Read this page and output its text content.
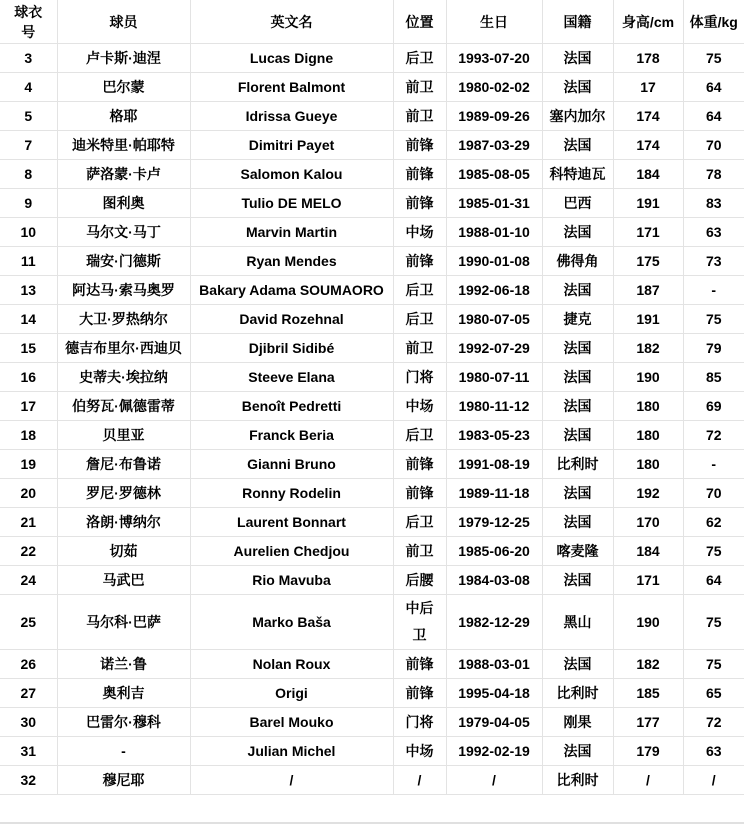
球衣号	球员	英文名	位置	生日	国籍	身高/cm	体重/kg
3	卢卡斯·迪涅	Lucas Digne	后卫	1993-07-20	法国	178	75
4	巴尔蒙	Florent Balmont	前卫	1980-02-02	法国	17	64
5	格耶	Idrissa Gueye	前卫	1989-09-26	塞内加尔	174	64
7	迪米特里·帕耶特	Dimitri Payet	前锋	1987-03-29	法国	174	70
8	萨洛蒙·卡卢	Salomon Kalou	前锋	1985-08-05	科特迪瓦	184	78
9	图利奥	Tulio DE MELO	前锋	1985-01-31	巴西	191	83
10	马尔文·马丁	Marvin Martin	中场	1988-01-10	法国	171	63
11	瑞安·门德斯	Ryan Mendes	前锋	1990-01-08	佛得角	175	73
13	阿达马·索马奥罗	Bakary Adama SOUMAORO	后卫	1992-06-18	法国	187	-
14	大卫·罗热纳尔	David Rozehnal	后卫	1980-07-05	捷克	191	75
15	德吉布里尔·西迪贝	Djibril Sidibé	前卫	1992-07-29	法国	182	79
16	史蒂夫·埃拉纳	Steeve Elana	门将	1980-07-11	法国	190	85
17	伯努瓦·佩德雷蒂	Benoît Pedretti	中场	1980-11-12	法国	180	69
18	贝里亚	Franck Beria	后卫	1983-05-23	法国	180	72
19	詹尼·布鲁诺	Gianni Bruno	前锋	1991-08-19	比利时	180	-
20	罗尼·罗德林	Ronny Rodelin	前锋	1989-11-18	法国	192	70
21	洛朗·博纳尔	Laurent Bonnart	后卫	1979-12-25	法国	170	62
22	切茹	Aurelien Chedjou	前卫	1985-06-20	喀麦隆	184	75
24	马武巴	Rio Mavuba	后腰	1984-03-08	法国	171	64
25	马尔科·巴萨	Marko Baša	中后卫	1982-12-29	黑山	190	75
26	诺兰·鲁	Nolan Roux	前锋	1988-03-01	法国	182	75
27	奥利吉	Origi	前锋	1995-04-18	比利时	185	65
30	巴雷尔·穆科	Barel Mouko	门将	1979-04-05	刚果	177	72
31	-	Julian Michel	中场	1992-02-19	法国	179	63
32	穆尼耶	/	/	/	比利时	/	/
